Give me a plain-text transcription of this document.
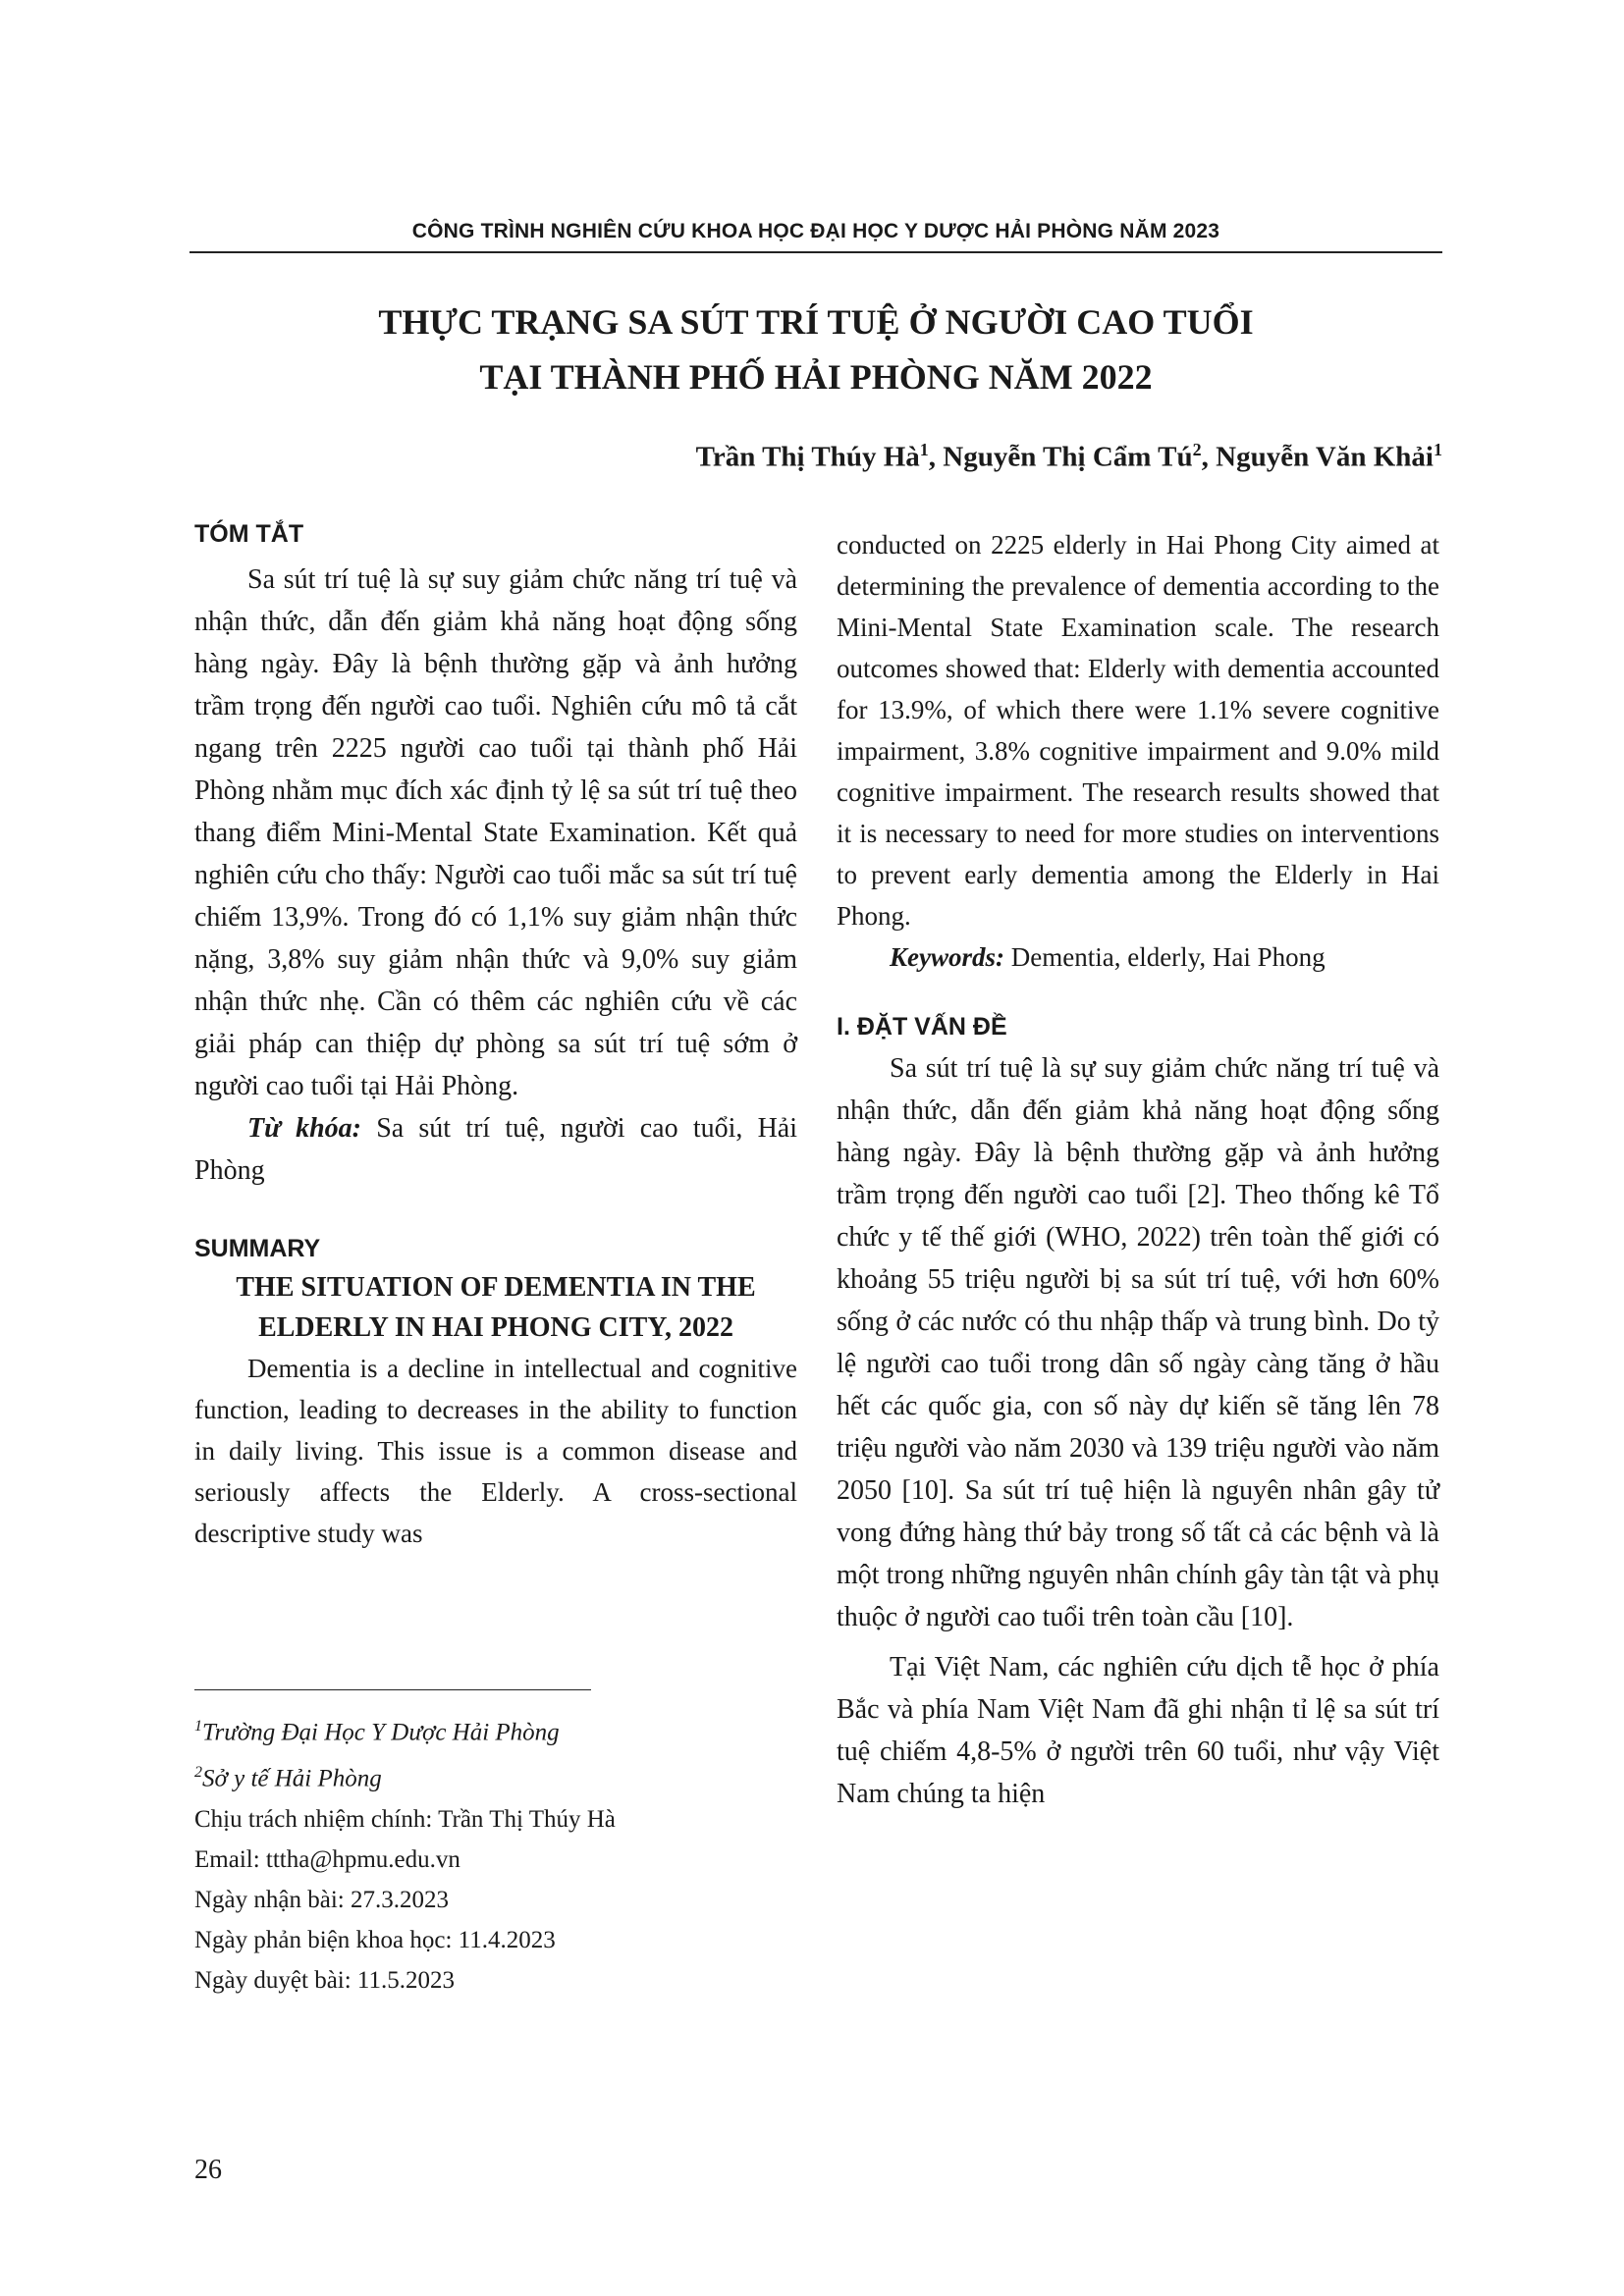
CÔNG TRÌNH NGHIÊN CỨU KHOA HỌC ĐẠI HỌC Y DƯỢC HẢI PHÒNG NĂM 2023
THỰC TRẠNG SA SÚT TRÍ TUỆ Ở NGƯỜI CAO TUỔI
TẠI THÀNH PHỐ HẢI PHÒNG NĂM 2022
Trần Thị Thúy $Hà^1$, Nguyễn Thị Cẩm $Tú^2$, Nguyễn Văn Khải$^1$
TÓM TẮT

Sa sút trí tuệ là sự suy giảm chức năng trí tuệ và nhận thức, dẫn đến giảm khả năng hoạt động sống hàng ngày. Đây là bệnh thường gặp và ảnh hưởng trầm trọng đến người cao tuổi. Nghiên cứu mô tả cắt ngang trên 2225 người cao tuổi tại thành phố Hải Phòng nhằm mục đích xác định tỷ lệ sa sút trí tuệ theo thang điểm Mini-Mental State Examination. Kết quả nghiên cứu cho thấy: Người cao tuổi mắc sa sút trí tuệ chiếm 13,9%. Trong đó có 1,1% suy giảm nhận thức nặng, 3,8% suy giảm nhận thức và 9,0% suy giảm nhận thức nhẹ. Cần có thêm các nghiên cứu về các giải pháp can thiệp dự phòng sa sút trí tuệ sớm ở người cao tuổi tại Hải Phòng.

Từ khóa: Sa sút trí tuệ, người cao tuổi, Hải Phòng

SUMMARY

THE SITUATION OF DEMENTIA IN THE ELDERLY IN HAI PHONG CITY, 2022

Dementia is a decline in intellectual and cognitive function, leading to decreases in the ability to function in daily living. This issue is a common disease and seriously affects the Elderly. A cross-sectional descriptive study was

$^1$Trường Đại Học Y Dược Hải Phòng
$^2$Sở y tế Hải Phòng
Chịu trách nhiệm chính: Trần Thị Thúy Hà
Email: tttha@hpmu.edu.vn
Ngày nhận bài: 27.3.2023
Ngày phản biện khoa học: 11.4.2023
Ngày duyệt bài: 11.5.2023

conducted on 2225 elderly in Hai Phong City aimed at determining the prevalence of dementia according to the Mini-Mental State Examination scale. The research outcomes showed that: Elderly with dementia accounted for 13.9%, of which there were 1.1% severe cognitive impairment, 3.8% cognitive impairment and 9.0% mild cognitive impairment. The research results showed that it is necessary to need for more studies on interventions to prevent early dementia among the Elderly in Hai Phong.

Keywords: Dementia, elderly, Hai Phong

I. ĐẶT VẤN ĐỀ

Sa sút trí tuệ là sự suy giảm chức năng trí tuệ và nhận thức, dẫn đến giảm khả năng hoạt động sống hàng ngày. Đây là bệnh thường gặp và ảnh hưởng trầm trọng đến người cao tuổi [2]. Theo thống kê Tổ chức y tế thế giới (WHO, 2022) trên toàn thế giới có khoảng 55 triệu người bị sa sút trí tuệ, với hơn 60% sống ở các nước có thu nhập thấp và trung bình. Do tỷ lệ người cao tuổi trong dân số ngày càng tăng ở hầu hết các quốc gia, con số này dự kiến sẽ tăng lên 78 triệu người vào năm 2030 và 139 triệu người vào năm 2050 [10]. Sa sút trí tuệ hiện là nguyên nhân gây tử vong đứng hàng thứ bảy trong số tất cả các bệnh và là một trong những nguyên nhân chính gây tàn tật và phụ thuộc ở người cao tuổi trên toàn cầu [10].

Tại Việt Nam, các nghiên cứu dịch tễ học ở phía Bắc và phía Nam Việt Nam đã ghi nhận tỉ lệ sa sút trí tuệ chiếm 4,8-5% ở người trên 60 tuổi, như vậy Việt Nam chúng ta hiện

26
